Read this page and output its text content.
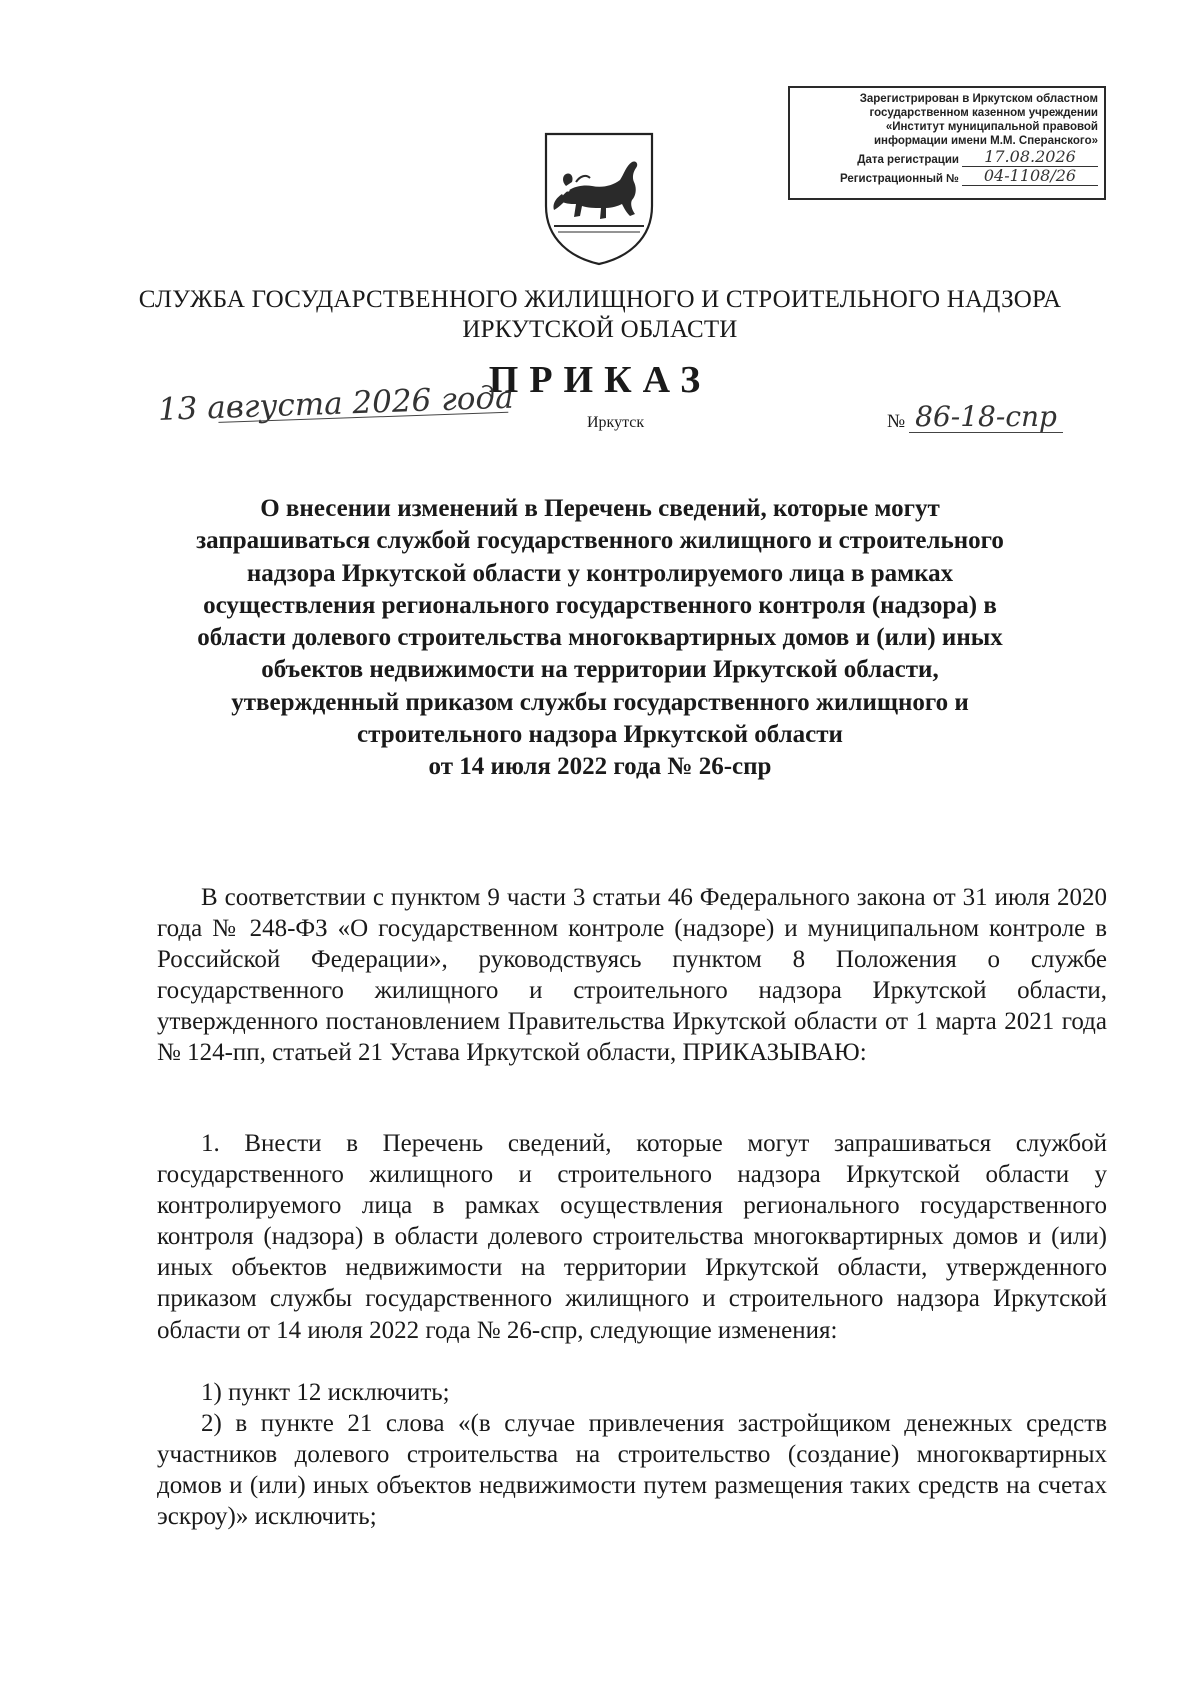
Зарегистрирован в Иркутском областном
государственном казенном учреждении
«Институт муниципальной правовой
информации имени М.М. Сперанского»
Дата регистрации	17.08.2026
Регистрационный №	04-1108/26
СЛУЖБА ГОСУДАРСТВЕННОГО ЖИЛИЩНОГО И СТРОИТЕЛЬНОГО НАДЗОРА
ИРКУТСКОЙ ОБЛАСТИ
ПРИКАЗ
13 августа 2026 года	Иркутск	№ 86-18-спр
О внесении изменений в Перечень сведений, которые могут
запрашиваться службой государственного жилищного и строительного
надзора Иркутской области у контролируемого лица в рамках
осуществления регионального государственного контроля (надзора) в
области долевого строительства многоквартирных домов и (или) иных
объектов недвижимости на территории Иркутской области,
утвержденный приказом службы государственного жилищного и
строительного надзора Иркутской области
от 14 июля 2022 года № 26-спр
В соответствии с пунктом 9 части 3 статьи 46 Федерального закона от 31 июля 2020 года № 248-ФЗ «О государственном контроле (надзоре) и муниципальном контроле в Российской Федерации», руководствуясь пунктом 8 Положения о службе государственного жилищного и строительного надзора Иркутской области, утвержденного постановлением Правительства Иркутской области от 1 марта 2021 года № 124-пп, статьей 21 Устава Иркутской области, ПРИКАЗЫВАЮ:
1. Внести в Перечень сведений, которые могут запрашиваться службой государственного жилищного и строительного надзора Иркутской области у контролируемого лица в рамках осуществления регионального государственного контроля (надзора) в области долевого строительства многоквартирных домов и (или) иных объектов недвижимости на территории Иркутской области, утвержденного приказом службы государственного жилищного и строительного надзора Иркутской области от 14 июля 2022 года № 26-спр, следующие изменения:
1) пункт 12 исключить;
2) в пункте 21 слова «(в случае привлечения застройщиком денежных средств участников долевого строительства на строительство (создание) многоквартирных домов и (или) иных объектов недвижимости путем размещения таких средств на счетах эскроу)» исключить;
